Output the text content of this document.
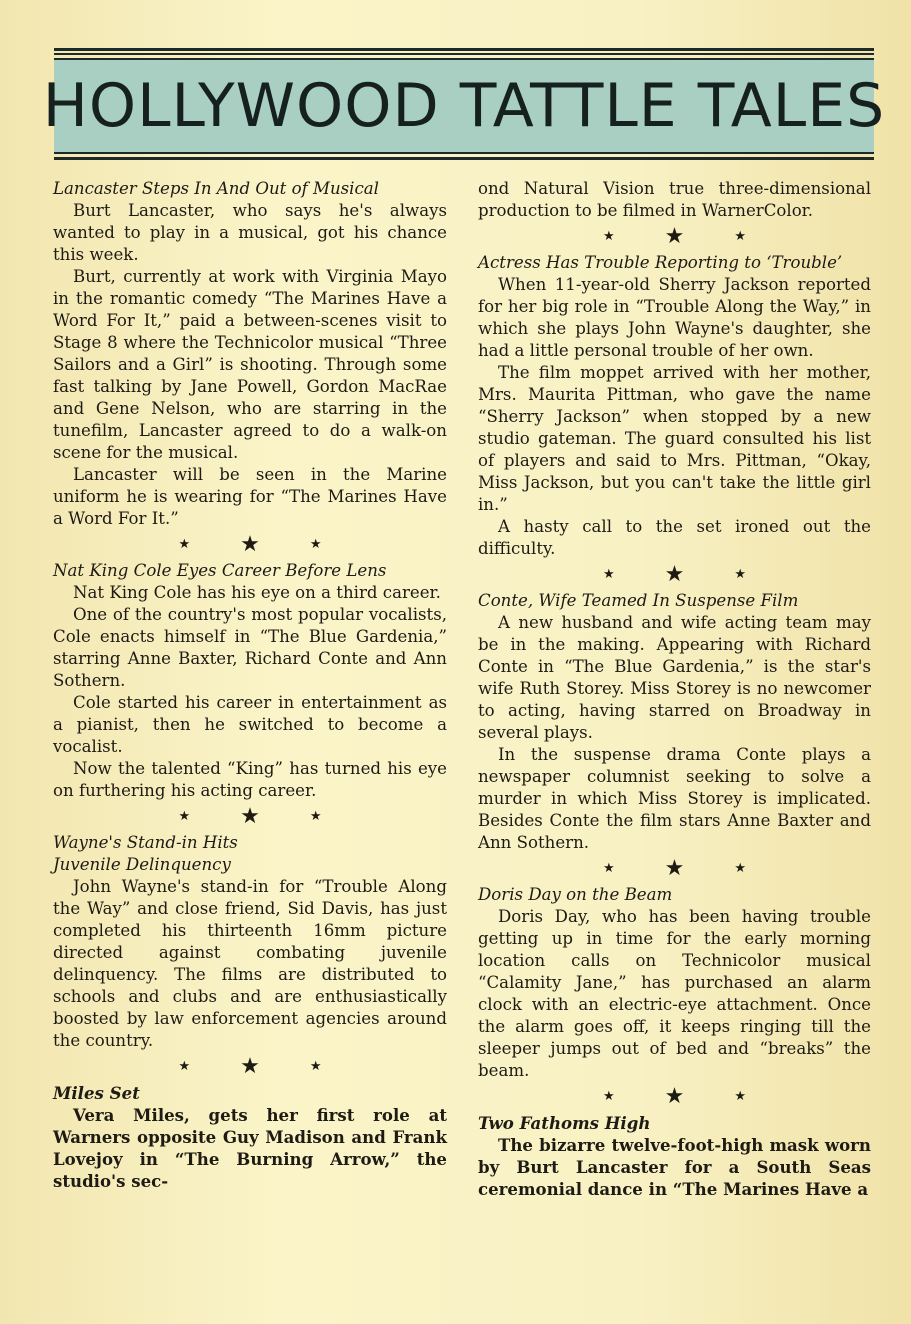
HOLLYWOOD TATTLE TALES
Lancaster Steps In And Out of Musical

Burt Lancaster, who says he's always wanted to play in a musical, got his chance this week.

Burt, currently at work with Virginia Mayo in the romantic comedy “The Marines Have a Word For It,” paid a between-scenes visit to Stage 8 where the Technicolor musical “Three Sailors and a Girl” is shooting. Through some fast talking by Jane Powell, Gordon MacRae and Gene Nelson, who are starring in the tunefilm, Lancaster agreed to do a walk-on scene for the musical.

Lancaster will be seen in the Marine uniform he is wearing for “The Marines Have a Word For It.”

★ ★	★
Nat King Cole Eyes Career Before Lens

Nat King Cole has his eye on a third career.

One of the country's most popular vocalists, Cole enacts himself in “The Blue Gardenia,” starring Anne Baxter, Richard Conte and Ann Sothern.

Cole started his career in entertainment as a pianist, then he switched to become a vocalist.

Now the talented “King” has turned his eye on furthering his acting career.

★ ★	★
Wayne's Stand-in Hits
Juvenile Delinquency

John Wayne's stand-in for “Trouble Along the Way” and close friend, Sid Davis, has just completed his thirteenth 16mm picture directed against combating juvenile delinquency. The films are distributed to schools and clubs and are enthusiastically boosted by law enforcement agencies around the country.

★ ★	★
Miles Set

Vera Miles, gets her first role at Warners opposite Guy Madison and Frank Lovejoy in “The Burning Arrow,” the studio's sec-

ond Natural Vision true three-dimensional production to be filmed in WarnerColor.

★ ★	★
Actress Has Trouble Reporting to ‘Trouble’

When 11-year-old Sherry Jackson reported for her big role in “Trouble Along the Way,” in which she plays John Wayne's daughter, she had a little personal trouble of her own.

The film moppet arrived with her mother, Mrs. Maurita Pittman, who gave the name “Sherry Jackson” when stopped by a new studio gateman. The guard consulted his list of players and said to Mrs. Pittman, “Okay, Miss Jackson, but you can't take the little girl in.”

A hasty call to the set ironed out the difficulty.

★ ★	★
Conte, Wife Teamed In Suspense Film

A new husband and wife acting team may be in the making. Appearing with Richard Conte in “The Blue Gardenia,” is the star's wife Ruth Storey. Miss Storey is no newcomer to acting, having starred on Broadway in several plays.

In the suspense drama Conte plays a newspaper columnist seeking to solve a murder in which Miss Storey is implicated. Besides Conte the film stars Anne Baxter and Ann Sothern.

★ ★	★
Doris Day on the Beam

Doris Day, who has been having trouble getting up in time for the early morning location calls on Technicolor musical “Calamity Jane,” has purchased an alarm clock with an electric-eye attachment. Once the alarm goes off, it keeps ringing till the sleeper jumps out of bed and “breaks” the beam.

★ ★	★
Two Fathoms High

The bizarre twelve-foot-high mask worn by Burt Lancaster for a South Seas ceremonial dance in “The Marines Have a
